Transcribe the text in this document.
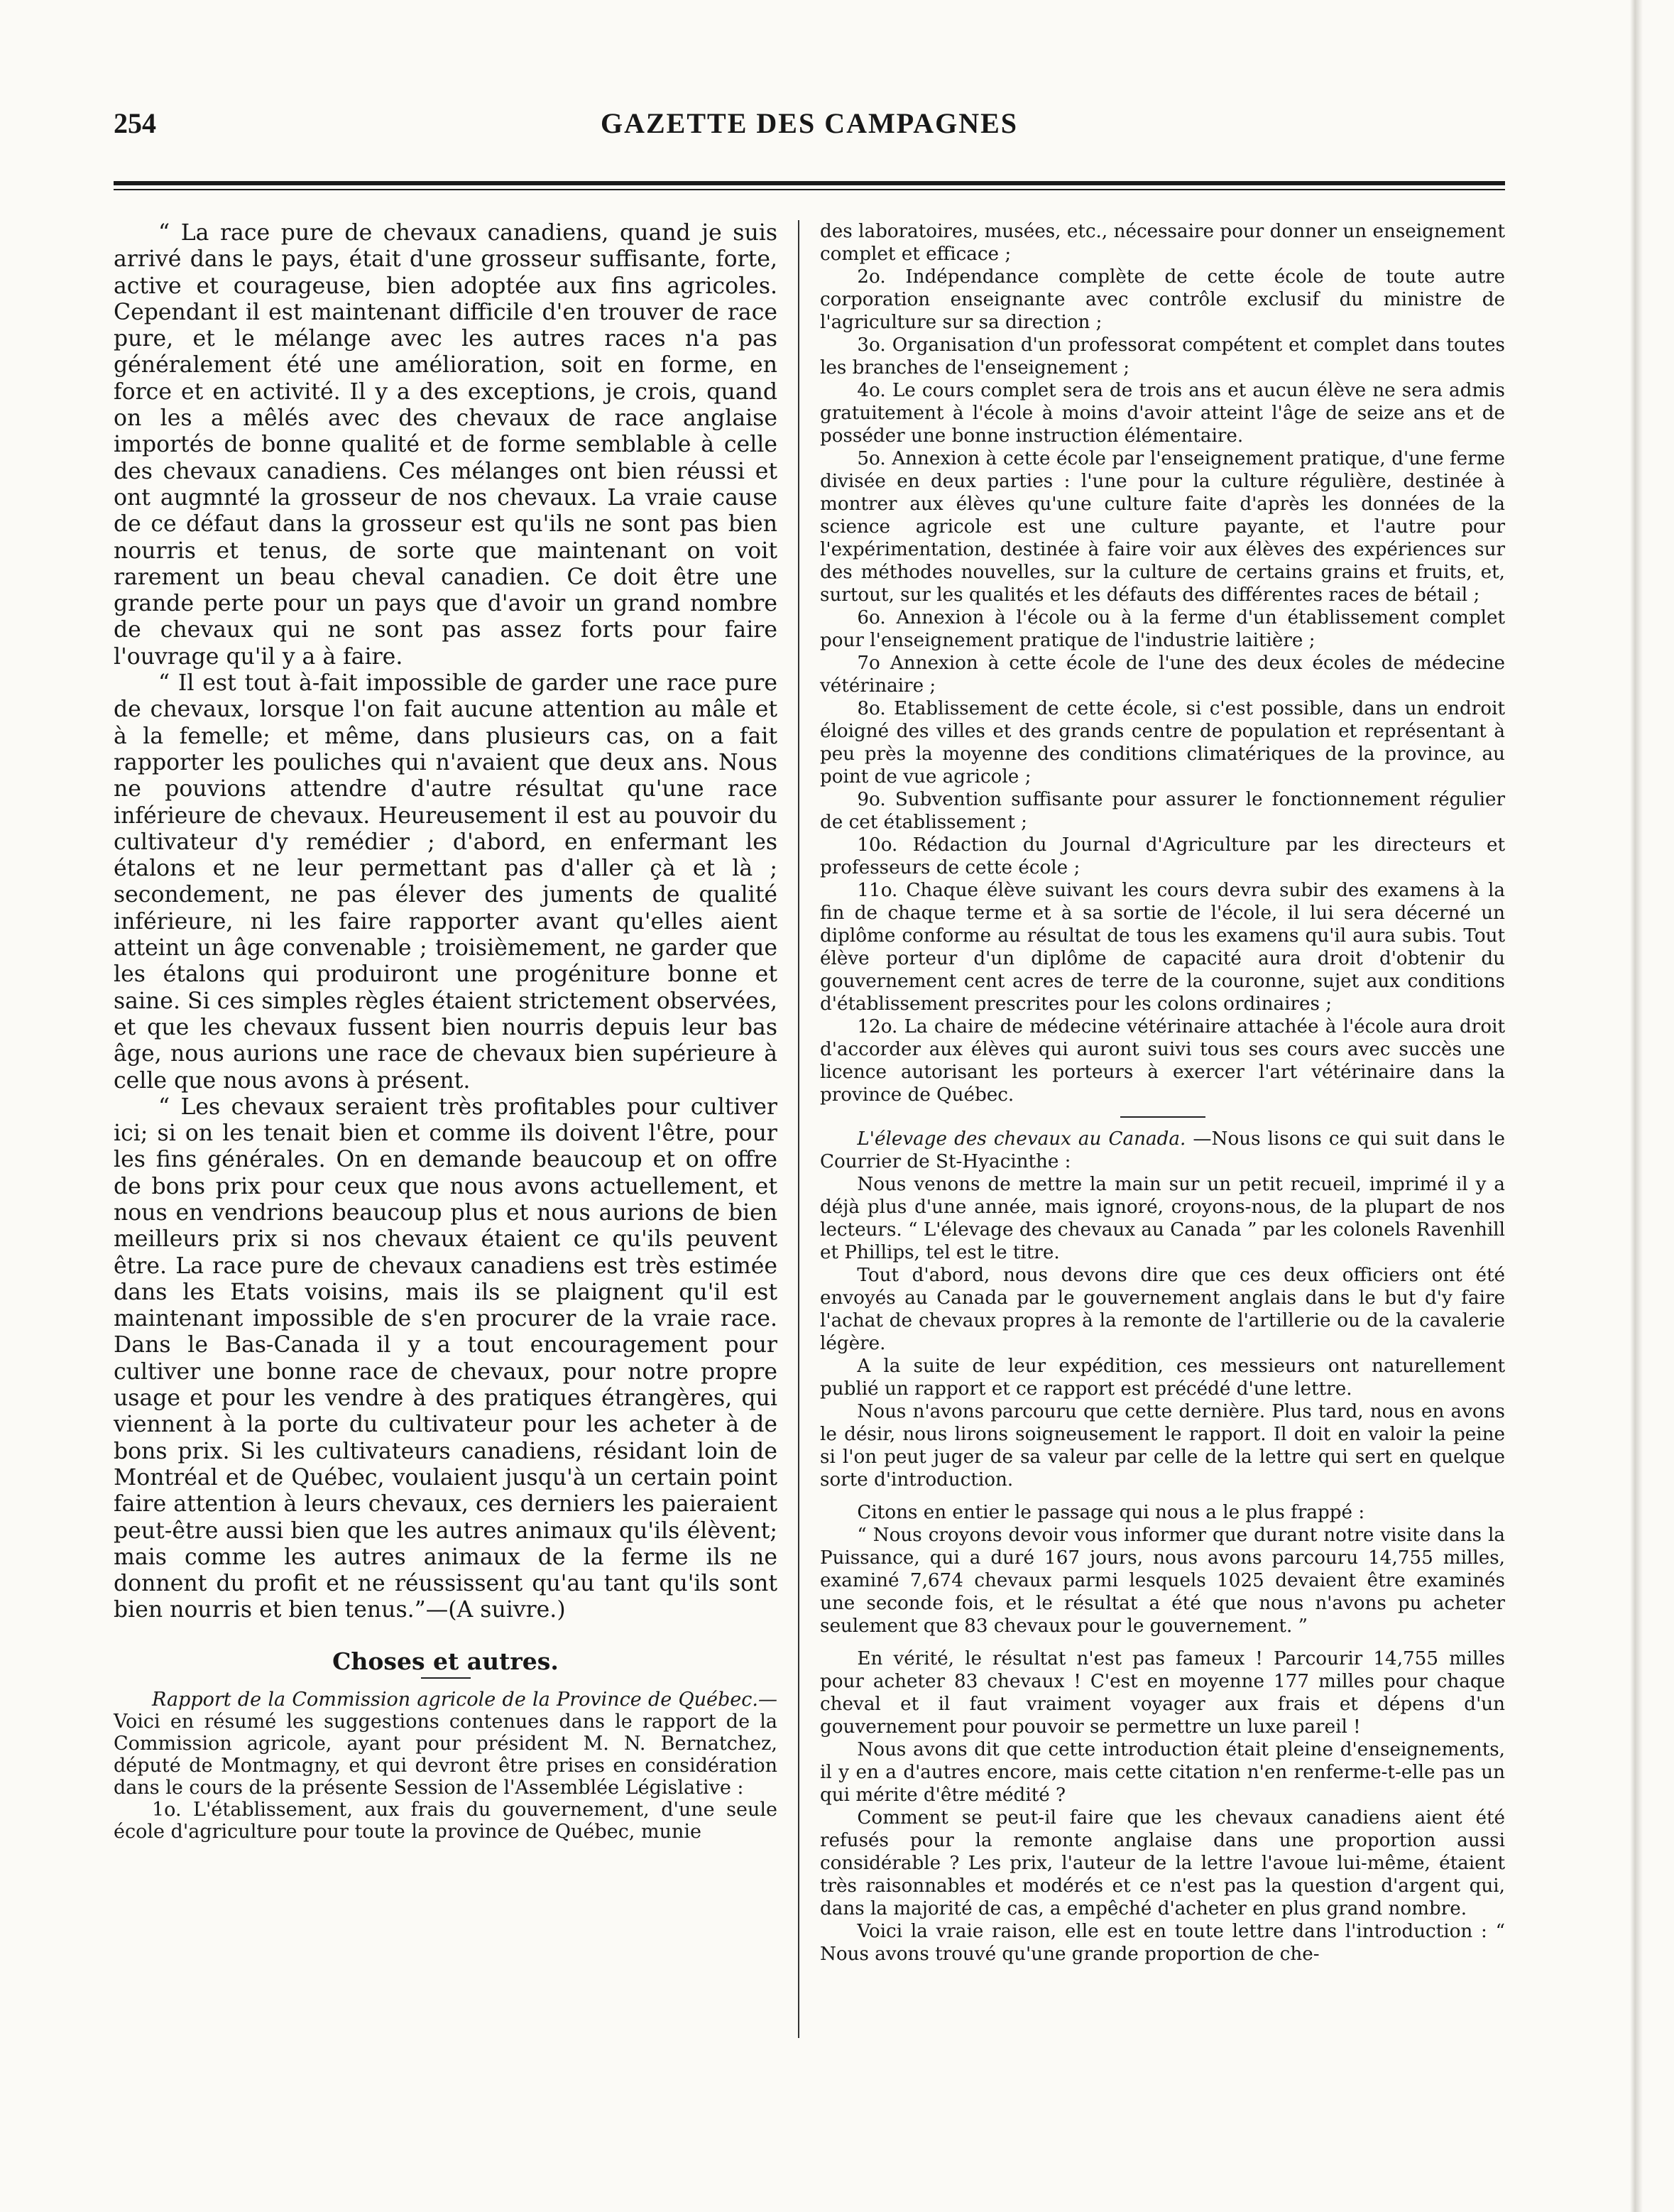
254	GAZETTE DES CAMPAGNES

“ La race pure de chevaux canadiens, quand je suis arrivé dans le pays, était d'une grosseur suffisante, forte, active et courageuse, bien adoptée aux fins agricoles. Cependant il est maintenant difficile d'en trouver de race pure, et le mélange avec les autres races n'a pas généralement été une amélioration, soit en forme, en force et en activité. Il y a des exceptions, je crois, quand on les a mêlés avec des chevaux de race anglaise importés de bonne qualité et de forme semblable à celle des chevaux canadiens. Ces mélanges ont bien réussi et ont augmnté la grosseur de nos chevaux. La vraie cause de ce défaut dans la grosseur est qu'ils ne sont pas bien nourris et tenus, de sorte que maintenant on voit rarement un beau cheval canadien. Ce doit être une grande perte pour un pays que d'avoir un grand nombre de chevaux qui ne sont pas assez forts pour faire l'ouvrage qu'il y a à faire.

“ Il est tout à-fait impossible de garder une race pure de chevaux, lorsque l'on fait aucune attention au mâle et à la femelle; et même, dans plusieurs cas, on a fait rapporter les pouliches qui n'avaient que deux ans. Nous ne pouvions attendre d'autre résultat qu'une race inférieure de chevaux. Heureusement il est au pouvoir du cultivateur d'y remédier ; d'abord, en enfermant les étalons et ne leur permettant pas d'aller çà et là ; secondement, ne pas élever des juments de qualité inférieure, ni les faire rapporter avant qu'elles aient atteint un âge convenable ; troisièmement, ne garder que les étalons qui produiront une progéniture bonne et saine. Si ces simples règles étaient strictement observées, et que les chevaux fussent bien nourris depuis leur bas âge, nous aurions une race de chevaux bien supérieure à celle que nous avons à présent.

“ Les chevaux seraient très profitables pour cultiver ici; si on les tenait bien et comme ils doivent l'être, pour les fins générales. On en demande beaucoup et on offre de bons prix pour ceux que nous avons actuellement, et nous en vendrions beaucoup plus et nous aurions de bien meilleurs prix si nos chevaux étaient ce qu'ils peuvent être. La race pure de chevaux canadiens est très estimée dans les Etats voisins, mais ils se plaignent qu'il est maintenant impossible de s'en procurer de la vraie race. Dans le Bas-Canada il y a tout encouragement pour cultiver une bonne race de chevaux, pour notre propre usage et pour les vendre à des pratiques étrangères, qui viennent à la porte du cultivateur pour les acheter à de bons prix. Si les cultivateurs canadiens, résidant loin de Montréal et de Québec, voulaient jusqu'à un certain point faire attention à leurs chevaux, ces derniers les paieraient peut-être aussi bien que les autres animaux qu'ils élèvent; mais comme les autres animaux de la ferme ils ne donnent du profit et ne réussissent qu'au tant qu'ils sont bien nourris et bien tenus.”—(A suivre.)

Choses et autres.

Rapport de la Commission agricole de la Province de Québec.— Voici en résumé les suggestions contenues dans le rapport de la Commission agricole, ayant pour président M. N. Bernatchez, député de Montmagny, et qui devront être prises en considération dans le cours de la présente Session de l'Assemblée Législative :

1o. L'établissement, aux frais du gouvernement, d'une seule école d'agriculture pour toute la province de Québec, munie

des laboratoires, musées, etc., nécessaire pour donner un enseignement complet et efficace ;

2o. Indépendance complète de cette école de toute autre corporation enseignante avec contrôle exclusif du ministre de l'agriculture sur sa direction ;

3o. Organisation d'un professorat compétent et complet dans toutes les branches de l'enseignement ;

4o. Le cours complet sera de trois ans et aucun élève ne sera admis gratuitement à l'école à moins d'avoir atteint l'âge de seize ans et de posséder une bonne instruction élémentaire.

5o. Annexion à cette école par l'enseignement pratique, d'une ferme divisée en deux parties : l'une pour la culture régulière, destinée à montrer aux élèves qu'une culture faite d'après les données de la science agricole est une culture payante, et l'autre pour l'expérimentation, destinée à faire voir aux élèves des expériences sur des méthodes nouvelles, sur la culture de certains grains et fruits, et, surtout, sur les qualités et les défauts des différentes races de bétail ;

6o. Annexion à l'école ou à la ferme d'un établissement complet pour l'enseignement pratique de l'industrie laitière ;

7o Annexion à cette école de l'une des deux écoles de médecine vétérinaire ;

8o. Etablissement de cette école, si c'est possible, dans un endroit éloigné des villes et des grands centre de population et représentant à peu près la moyenne des conditions climatériques de la province, au point de vue agricole ;

9o. Subvention suffisante pour assurer le fonctionnement régulier de cet établissement ;

10o. Rédaction du Journal d'Agriculture par les directeurs et professeurs de cette école ;

11o. Chaque élève suivant les cours devra subir des examens à la fin de chaque terme et à sa sortie de l'école, il lui sera décerné un diplôme conforme au résultat de tous les examens qu'il aura subis. Tout élève porteur d'un diplôme de capacité aura droit d'obtenir du gouvernement cent acres de terre de la couronne, sujet aux conditions d'établissement prescrites pour les colons ordinaires ;

12o. La chaire de médecine vétérinaire attachée à l'école aura droit d'accorder aux élèves qui auront suivi tous ses cours avec succès une licence autorisant les porteurs à exercer l'art vétérinaire dans la province de Québec.

L'élevage des chevaux au Canada. —Nous lisons ce qui suit dans le Courrier de St-Hyacinthe :

Nous venons de mettre la main sur un petit recueil, imprimé il y a déjà plus d'une année, mais ignoré, croyons-nous, de la plupart de nos lecteurs. “ L'élevage des chevaux au Canada ” par les colonels Ravenhill et Phillips, tel est le titre.

Tout d'abord, nous devons dire que ces deux officiers ont été envoyés au Canada par le gouvernement anglais dans le but d'y faire l'achat de chevaux propres à la remonte de l'artillerie ou de la cavalerie légère.

A la suite de leur expédition, ces messieurs ont naturellement publié un rapport et ce rapport est précédé d'une lettre.

Nous n'avons parcouru que cette dernière. Plus tard, nous en avons le désir, nous lirons soigneusement le rapport. Il doit en valoir la peine si l'on peut juger de sa valeur par celle de la lettre qui sert en quelque sorte d'introduction.

Citons en entier le passage qui nous a le plus frappé :

“ Nous croyons devoir vous informer que durant notre visite dans la Puissance, qui a duré 167 jours, nous avons parcouru 14,755 milles, examiné 7,674 chevaux parmi lesquels 1025 devaient être examinés une seconde fois, et le résultat a été que nous n'avons pu acheter seulement que 83 chevaux pour le gouvernement. ”

En vérité, le résultat n'est pas fameux ! Parcourir 14,755 milles pour acheter 83 chevaux ! C'est en moyenne 177 milles pour chaque cheval et il faut vraiment voyager aux frais et dépens d'un gouvernement pour pouvoir se permettre un luxe pareil !

Nous avons dit que cette introduction était pleine d'enseignements, il y en a d'autres encore, mais cette citation n'en renferme-t-elle pas un qui mérite d'être médité ?

Comment se peut-il faire que les chevaux canadiens aient été refusés pour la remonte anglaise dans une proportion aussi considérable ? Les prix, l'auteur de la lettre l'avoue lui-même, étaient très raisonnables et modérés et ce n'est pas la question d'argent qui, dans la majorité de cas, a empêché d'acheter en plus grand nombre.

Voici la vraie raison, elle est en toute lettre dans l'introduction : “ Nous avons trouvé qu'une grande proportion de che-
